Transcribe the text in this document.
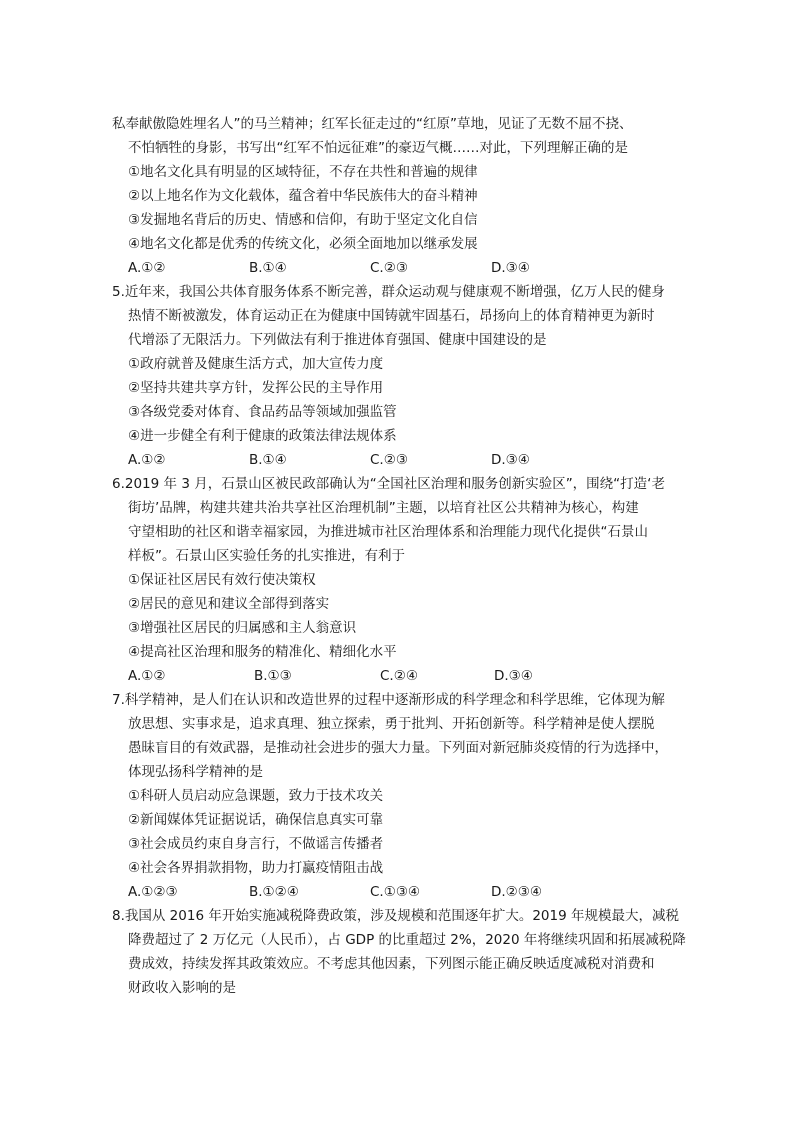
私奉献傲隐姓埋名人”的马兰精神；红军长征走过的“红原”草地，见证了无数不屈不挠、

不怕牺牲的身影，书写出“红军不怕远征难”的豪迈气概……对此，下列理解正确的是

①地名文化具有明显的区域特征，不存在共性和普遍的规律

②以上地名作为文化载体，蕴含着中华民族伟大的奋斗精神

③发掘地名背后的历史、情感和信仰，有助于坚定文化自信

④地名文化都是优秀的传统文化，必须全面地加以继承发展

A.①②	B.①④	C.②③	D.③④

5.近年来，我国公共体育服务体系不断完善，群众运动观与健康观不断增强，亿万人民的健身

热情不断被激发，体育运动正在为健康中国铸就牢固基石，昂扬向上的体育精神更为新时

代增添了无限活力。下列做法有利于推进体育强国、健康中国建设的是

①政府就普及健康生活方式，加大宣传力度

②坚持共建共享方针，发挥公民的主导作用

③各级党委对体育、食品药品等领域加强监管

④进一步健全有利于健康的政策法律法规体系

A.①②	B.①④	C.②③	D.③④

6.2019 年 3 月，石景山区被民政部确认为“全国社区治理和服务创新实验区”，围绕“打造‘老

街坊’品牌，构建共建共治共享社区治理机制”主题，以培育社区公共精神为核心，构建

守望相助的社区和谐幸福家园，为推进城市社区治理体系和治理能力现代化提供“石景山

样板”。石景山区实验任务的扎实推进，有利于

①保证社区居民有效行使决策权

②居民的意见和建议全部得到落实

③增强社区居民的归属感和主人翁意识

④提高社区治理和服务的精准化、精细化水平

A.①②	B.①③	C.②④	D.③④

7.科学精神，是人们在认识和改造世界的过程中逐渐形成的科学理念和科学思维，它体现为解

放思想、实事求是，追求真理、独立探索，勇于批判、开拓创新等。科学精神是使人摆脱

愚昧盲目的有效武器，是推动社会进步的强大力量。下列面对新冠肺炎疫情的行为选择中，

体现弘扬科学精神的是

①科研人员启动应急课题，致力于技术攻关

②新闻媒体凭证据说话，确保信息真实可靠

③社会成员约束自身言行，不做谣言传播者

④社会各界捐款捐物，助力打赢疫情阻击战

A.①②③	B.①②④	C.①③④	D.②③④

8.我国从 2016 年开始实施减税降费政策，涉及规模和范围逐年扩大。2019 年规模最大，减税

降费超过了 2 万亿元（人民币），占 GDP 的比重超过 2%，2020 年将继续巩固和拓展减税降

费成效，持续发挥其政策效应。不考虑其他因素，下列图示能正确反映适度减税对消费和

财政收入影响的是
